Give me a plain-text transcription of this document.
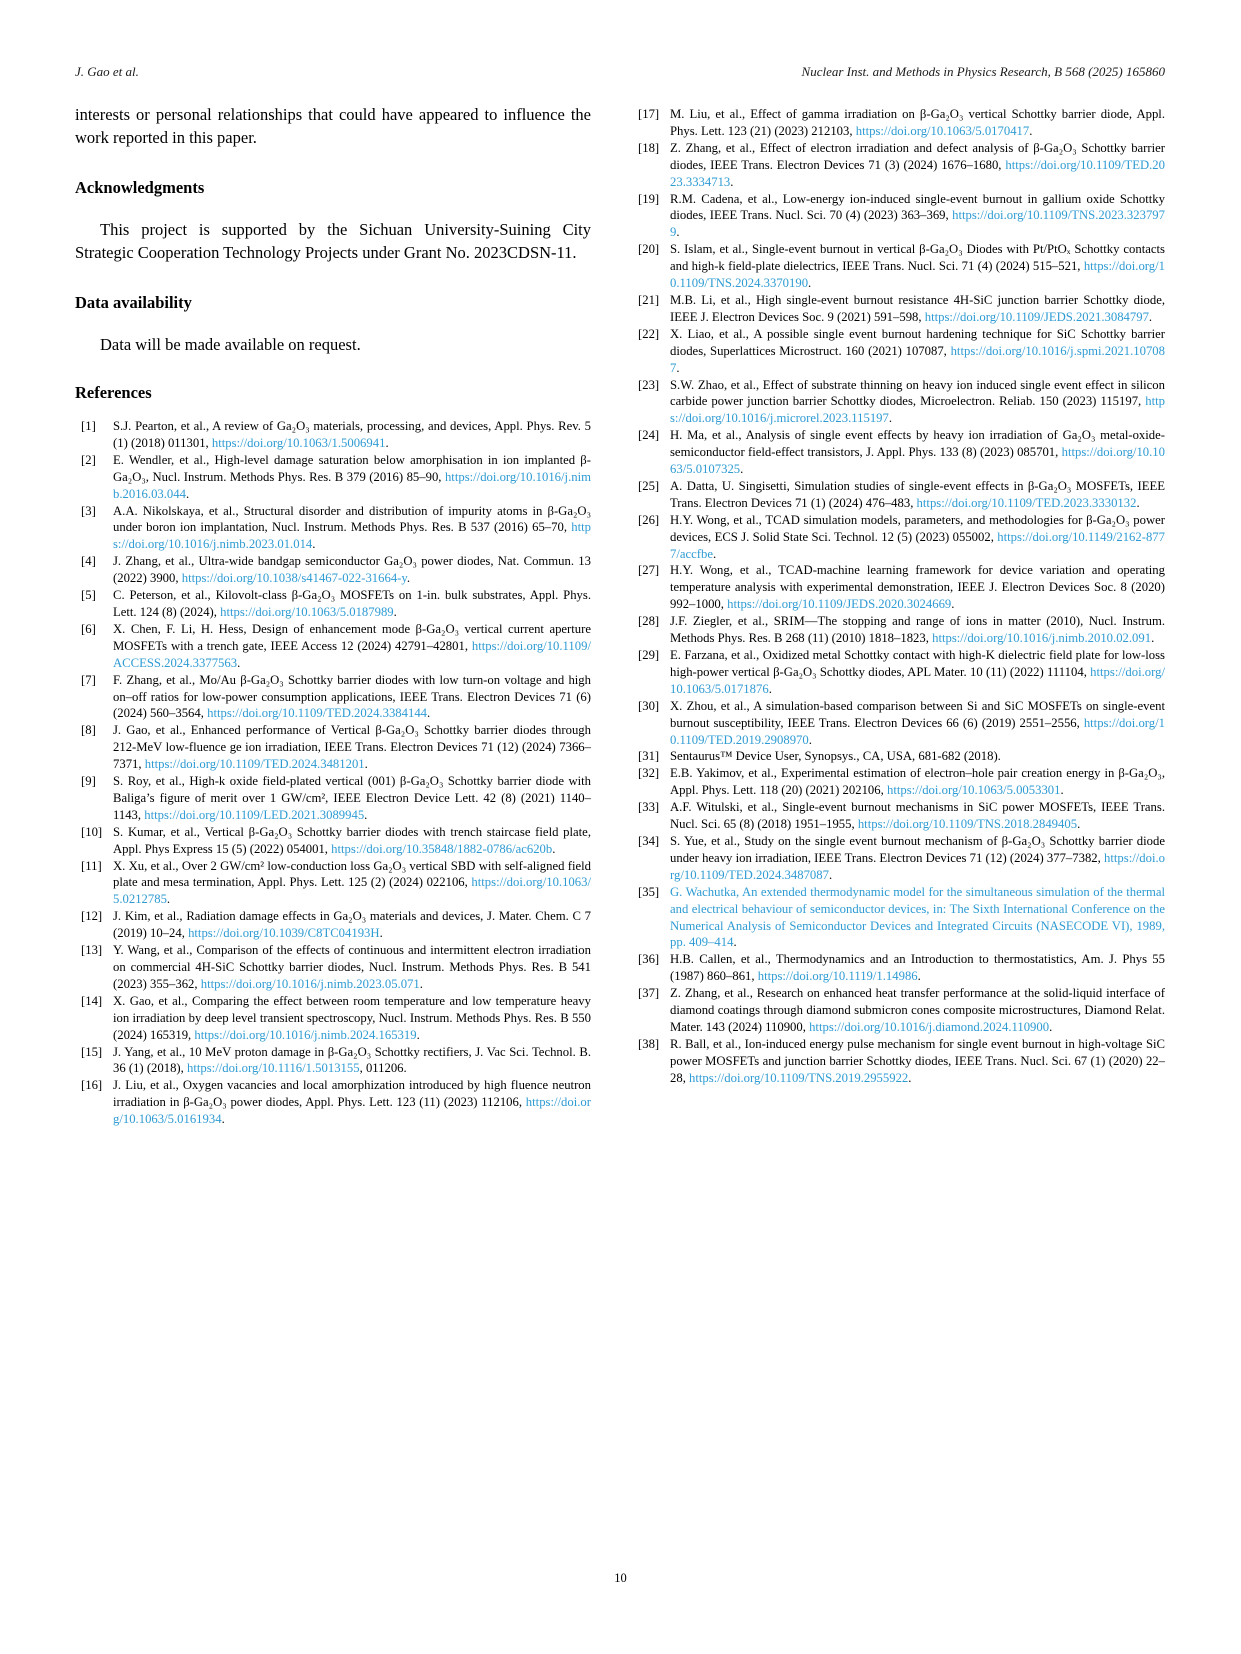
J. Gao et al.	Nuclear Inst. and Methods in Physics Research, B 568 (2025) 165860

interests or personal relationships that could have appeared to influence the work reported in this paper.

Acknowledgments

This project is supported by the Sichuan University-Suining City Strategic Cooperation Technology Projects under Grant No. 2023CDSN-11.

Data availability

Data will be made available on request.

References
[1]	S.J. Pearton, et al., A review of Ga₂O₃ materials, processing, and devices, Appl. Phys. Rev. 5 (1) (2018) 011301, https://doi.org/10.1063/1.5006941.
[2]	E. Wendler, et al., High-level damage saturation below amorphisation in ion implanted β-Ga₂O₃, Nucl. Instrum. Methods Phys. Res. B 379 (2016) 85–90, https://doi.org/10.1016/j.nimb.2016.03.044.
[3]	A.A. Nikolskaya, et al., Structural disorder and distribution of impurity atoms in β-Ga₂O₃ under boron ion implantation, Nucl. Instrum. Methods Phys. Res. B 537 (2016) 65–70, https://doi.org/10.1016/j.nimb.2023.01.014.
[4]	J. Zhang, et al., Ultra-wide bandgap semiconductor Ga₂O₃ power diodes, Nat. Commun. 13 (2022) 3900, https://doi.org/10.1038/s41467-022-31664-y.
[5]	C. Peterson, et al., Kilovolt-class β-Ga₂O₃ MOSFETs on 1-in. bulk substrates, Appl. Phys. Lett. 124 (8) (2024), https://doi.org/10.1063/5.0187989.
[6]	X. Chen, F. Li, H. Hess, Design of enhancement mode β-Ga₂O₃ vertical current aperture MOSFETs with a trench gate, IEEE Access 12 (2024) 42791–42801, https://doi.org/10.1109/ACCESS.2024.3377563.
[7]	F. Zhang, et al., Mo/Au β-Ga₂O₃ Schottky barrier diodes with low turn-on voltage and high on–off ratios for low-power consumption applications, IEEE Trans. Electron Devices 71 (6) (2024) 560–3564, https://doi.org/10.1109/TED.2024.3384144.
[8]	J. Gao, et al., Enhanced performance of Vertical β-Ga₂O₃ Schottky barrier diodes through 212-MeV low-fluence ge ion irradiation, IEEE Trans. Electron Devices 71 (12) (2024) 7366–7371, https://doi.org/10.1109/TED.2024.3481201.
[9]	S. Roy, et al., High-k oxide field-plated vertical (001) β-Ga₂O₃ Schottky barrier diode with Baliga’s figure of merit over 1 GW/cm², IEEE Electron Device Lett. 42 (8) (2021) 1140–1143, https://doi.org/10.1109/LED.2021.3089945.
[10] S. Kumar, et al., Vertical β-Ga₂O₃ Schottky barrier diodes with trench staircase field plate, Appl. Phys Express 15 (5) (2022) 054001, https://doi.org/10.35848/1882-0786/ac620b.
[11] X. Xu, et al., Over 2 GW/cm² low-conduction loss Ga₂O₃ vertical SBD with self-aligned field plate and mesa termination, Appl. Phys. Lett. 125 (2) (2024) 022106, https://doi.org/10.1063/5.0212785.
[12] J. Kim, et al., Radiation damage effects in Ga₂O₃ materials and devices, J. Mater. Chem. C 7 (2019) 10–24, https://doi.org/10.1039/C8TC04193H.
[13] Y. Wang, et al., Comparison of the effects of continuous and intermittent electron irradiation on commercial 4H-SiC Schottky barrier diodes, Nucl. Instrum. Methods Phys. Res. B 541 (2023) 355–362, https://doi.org/10.1016/j.nimb.2023.05.071.
[14] X. Gao, et al., Comparing the effect between room temperature and low temperature heavy ion irradiation by deep level transient spectroscopy, Nucl. Instrum. Methods Phys. Res. B 550 (2024) 165319, https://doi.org/10.1016/j.nimb.2024.165319.
[15] J. Yang, et al., 10 MeV proton damage in β-Ga₂O₃ Schottky rectifiers, J. Vac Sci. Technol. B. 36 (1) (2018), https://doi.org/10.1116/1.5013155, 011206.
[16] J. Liu, et al., Oxygen vacancies and local amorphization introduced by high fluence neutron irradiation in β-Ga₂O₃ power diodes, Appl. Phys. Lett. 123 (11) (2023) 112106, https://doi.org/10.1063/5.0161934.
[17] M. Liu, et al., Effect of gamma irradiation on β-Ga₂O₃ vertical Schottky barrier diode, Appl. Phys. Lett. 123 (21) (2023) 212103, https://doi.org/10.1063/5.0170417.
[18] Z. Zhang, et al., Effect of electron irradiation and defect analysis of β-Ga₂O₃ Schottky barrier diodes, IEEE Trans. Electron Devices 71 (3) (2024) 1676–1680, https://doi.org/10.1109/TED.2023.3334713.
[19] R.M. Cadena, et al., Low-energy ion-induced single-event burnout in gallium oxide Schottky diodes, IEEE Trans. Nucl. Sci. 70 (4) (2023) 363–369, https://doi.org/10.1109/TNS.2023.3237979.
[20] S. Islam, et al., Single-event burnout in vertical β-Ga₂O₃ Diodes with Pt/PtOₓ Schottky contacts and high-k field-plate dielectrics, IEEE Trans. Nucl. Sci. 71 (4) (2024) 515–521, https://doi.org/10.1109/TNS.2024.3370190.
[21] M.B. Li, et al., High single-event burnout resistance 4H-SiC junction barrier Schottky diode, IEEE J. Electron Devices Soc. 9 (2021) 591–598, https://doi.org/10.1109/JEDS.2021.3084797.
[22] X. Liao, et al., A possible single event burnout hardening technique for SiC Schottky barrier diodes, Superlattices Microstruct. 160 (2021) 107087, https://doi.org/10.1016/j.spmi.2021.107087.
[23] S.W. Zhao, et al., Effect of substrate thinning on heavy ion induced single event effect in silicon carbide power junction barrier Schottky diodes, Microelectron. Reliab. 150 (2023) 115197, https://doi.org/10.1016/j.microrel.2023.115197.
[24] H. Ma, et al., Analysis of single event effects by heavy ion irradiation of Ga₂O₃ metal-oxide-semiconductor field-effect transistors, J. Appl. Phys. 133 (8) (2023) 085701, https://doi.org/10.1063/5.0107325.
[25] A. Datta, U. Singisetti, Simulation studies of single-event effects in β-Ga₂O₃ MOSFETs, IEEE Trans. Electron Devices 71 (1) (2024) 476–483, https://doi.org/10.1109/TED.2023.3330132.
[26] H.Y. Wong, et al., TCAD simulation models, parameters, and methodologies for β-Ga₂O₃ power devices, ECS J. Solid State Sci. Technol. 12 (5) (2023) 055002, https://doi.org/10.1149/2162-8777/accfbe.
[27] H.Y. Wong, et al., TCAD-machine learning framework for device variation and operating temperature analysis with experimental demonstration, IEEE J. Electron Devices Soc. 8 (2020) 992–1000, https://doi.org/10.1109/JEDS.2020.3024669.
[28] J.F. Ziegler, et al., SRIM—The stopping and range of ions in matter (2010), Nucl. Instrum. Methods Phys. Res. B 268 (11) (2010) 1818–1823, https://doi.org/10.1016/j.nimb.2010.02.091.
[29] E. Farzana, et al., Oxidized metal Schottky contact with high-K dielectric field plate for low-loss high-power vertical β-Ga₂O₃ Schottky diodes, APL Mater. 10 (11) (2022) 111104, https://doi.org/10.1063/5.0171876.
[30] X. Zhou, et al., A simulation-based comparison between Si and SiC MOSFETs on single-event burnout susceptibility, IEEE Trans. Electron Devices 66 (6) (2019) 2551–2556, https://doi.org/10.1109/TED.2019.2908970.
[31] Sentaurus™ Device User, Synopsys., CA, USA, 681-682 (2018).
[32] E.B. Yakimov, et al., Experimental estimation of electron–hole pair creation energy in β-Ga₂O₃, Appl. Phys. Lett. 118 (20) (2021) 202106, https://doi.org/10.1063/5.0053301.
[33] A.F. Witulski, et al., Single-event burnout mechanisms in SiC power MOSFETs, IEEE Trans. Nucl. Sci. 65 (8) (2018) 1951–1955, https://doi.org/10.1109/TNS.2018.2849405.
[34] S. Yue, et al., Study on the single event burnout mechanism of β-Ga₂O₃ Schottky barrier diode under heavy ion irradiation, IEEE Trans. Electron Devices 71 (12) (2024) 377–7382, https://doi.org/10.1109/TED.2024.3487087.
[35] G. Wachutka, An extended thermodynamic model for the simultaneous simulation of the thermal and electrical behaviour of semiconductor devices, in: The Sixth International Conference on the Numerical Analysis of Semiconductor Devices and Integrated Circuits (NASECODE VI), 1989, pp. 409–414.
[36] H.B. Callen, et al., Thermodynamics and an Introduction to thermostatistics, Am. J. Phys 55 (1987) 860–861, https://doi.org/10.1119/1.14986.
[37] Z. Zhang, et al., Research on enhanced heat transfer performance at the solid-liquid interface of diamond coatings through diamond submicron cones composite microstructures, Diamond Relat. Mater. 143 (2024) 110900, https://doi.org/10.1016/j.diamond.2024.110900.
[38] R. Ball, et al., Ion-induced energy pulse mechanism for single event burnout in high-voltage SiC power MOSFETs and junction barrier Schottky diodes, IEEE Trans. Nucl. Sci. 67 (1) (2020) 22–28, https://doi.org/10.1109/TNS.2019.2955922.
10
